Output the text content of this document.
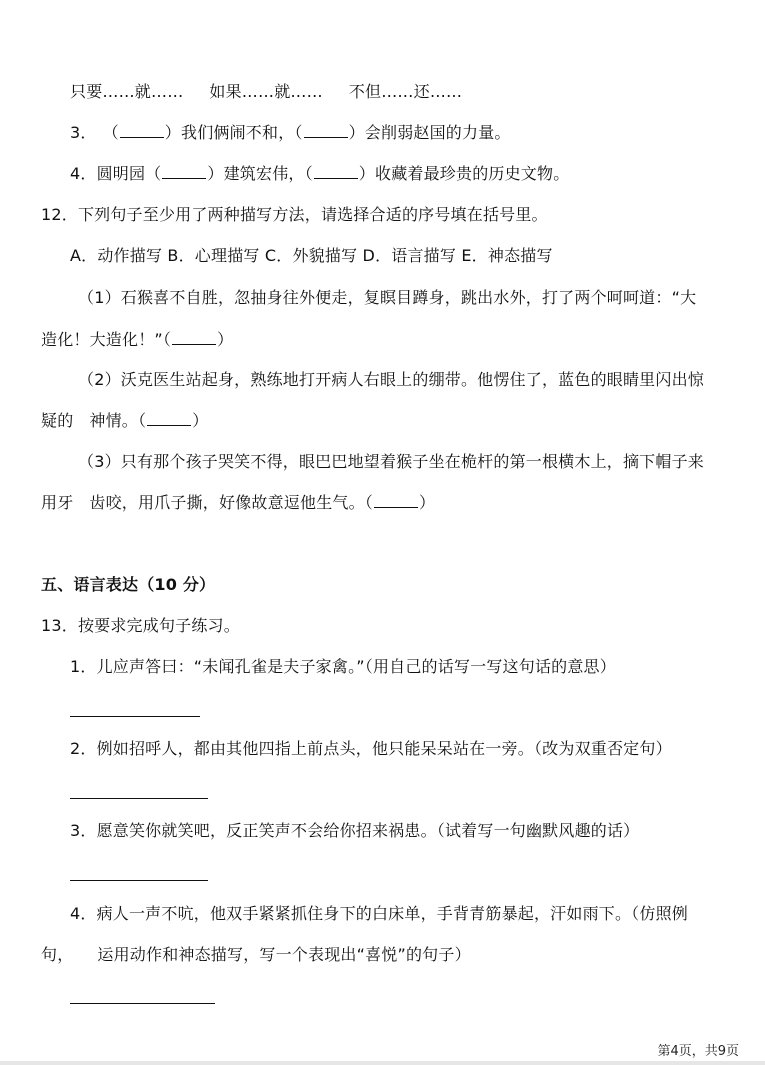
只要……就…… 如果……就…… 不但……还……
3． （	）我们俩闹不和，（	）会削弱赵国的力量。
4．圆明园（	）建筑宏伟，（	）收藏着最珍贵的历史文物。
12．下列句子至少用了两种描写方法，请选择合适的序号填在括号里。
A．动作描写 B．心理描写 C．外貌描写 D．语言描写 E．神态描写
（1）石猴喜不自胜，忽抽身往外便走，复瞑目蹲身，跳出水外，打了两个呵呵道：“大
造化！大造化！”（	）
（2）沃克医生站起身，熟练地打开病人右眼上的绷带。他愣住了，蓝色的眼睛里闪出惊
疑的 神情。（	）
（3）只有那个孩子哭笑不得，眼巴巴地望着猴子坐在桅杆的第一根横木上，摘下帽子来
用牙 齿咬，用爪子撕，好像故意逗他生气。（	）
五、语言表达（10 分）
13．按要求完成句子练习。
1．儿应声答曰：“未闻孔雀是夫子家禽。”（用自己的话写一写这句话的意思）
2．例如招呼人，都由其他四指上前点头，他只能呆呆站在一旁。（改为双重否定句）
3．愿意笑你就笑吧，反正笑声不会给你招来祸患。（试着写一句幽默风趣的话）
4．病人一声不吭，他双手紧紧抓住身下的白床单，手背青筋暴起，汗如雨下。（仿照例
句， 运用动作和神态描写，写一个表现出“喜悦”的句子）
第4页，共9页
